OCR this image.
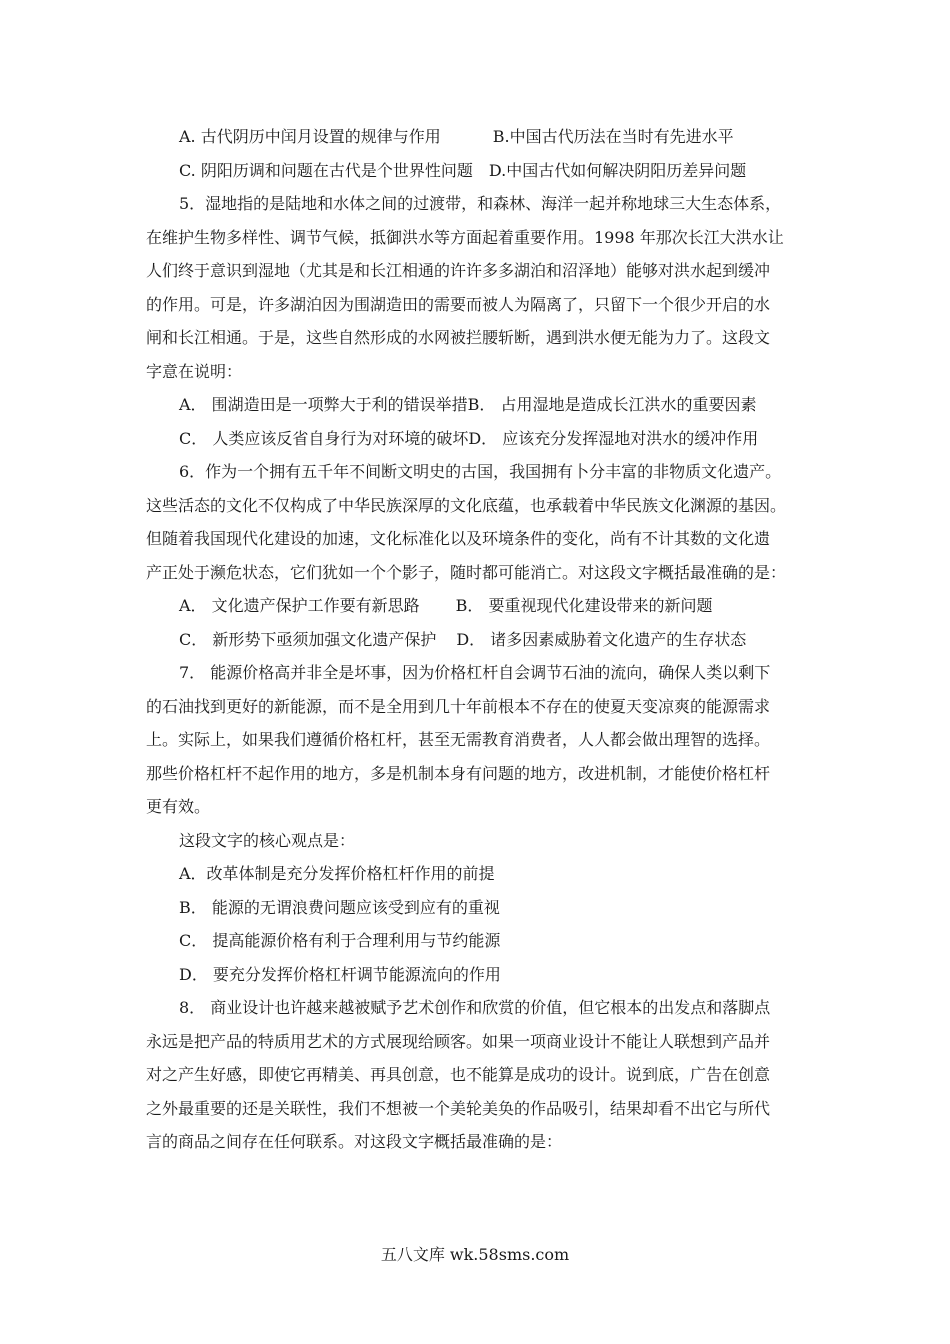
A. 古代阴历中闰月设置的规律与作用	B.中国古代历法在当时有先进水平
C. 阴阳历调和问题在古代是个世界性问题 D.中国古代如何解决阴阳历差异问题
5．湿地指的是陆地和水体之间的过渡带，和森林、海洋一起并称地球三大生态体系，
在维护生物多样性、调节气候，抵御洪水等方面起着重要作用。1998 年那次长江大洪水让
人们终于意识到湿地（尤其是和长江相通的许许多多湖泊和沼泽地）能够对洪水起到缓冲
的作用。可是，许多湖泊因为围湖造田的需要而被人为隔离了，只留下一个很少开启的水
闸和长江相通。于是，这些自然形成的水网被拦腰斩断，遇到洪水便无能为力了。这段文
字意在说明：
A． 围湖造田是一项弊大于利的错误举措B． 占用湿地是造成长江洪水的重要因素
C． 人类应该反省自身行为对环境的破坏D． 应该充分发挥湿地对洪水的缓冲作用
6．作为一个拥有五千年不间断文明史的古国，我国拥有卜分丰富的非物质文化遗产。
这些活态的文化不仅构成了中华民族深厚的文化底蕴，也承载着中华民族文化渊源的基因。
但随着我国现代化建设的加速，文化标准化以及环境条件的变化，尚有不计其数的文化遗
产正处于濒危状态，它们犹如一个个影子，随时都可能消亡。对这段文字概括最准确的是：
A． 文化遗产保护工作要有新思路 B． 要重视现代化建设带来的新问题
C． 新形势下亟须加强文化遗产保护 D． 诸多因素威胁着文化遗产的生存状态
7． 能源价格高并非全是坏事，因为价格杠杆自会调节石油的流向，确保人类以剩下
的石油找到更好的新能源，而不是全用到几十年前根本不存在的使夏天变凉爽的能源需求
上。实际上，如果我们遵循价格杠杆，甚至无需教育消费者，人人都会做出理智的选择。
那些价格杠杆不起作用的地方，多是机制本身有问题的地方，改进机制，才能使价格杠杆
更有效。
这段文字的核心观点是：
A．改革体制是充分发挥价格杠杆作用的前提
B． 能源的无谓浪费问题应该受到应有的重视
C． 提高能源价格有利于合理利用与节约能源
D． 要充分发挥价格杠杆调节能源流向的作用
8． 商业设计也许越来越被赋予艺术创作和欣赏的价值，但它根本的出发点和落脚点
永远是把产品的特质用艺术的方式展现给顾客。如果一项商业设计不能让人联想到产品并
对之产生好感，即使它再精美、再具创意，也不能算是成功的设计。说到底，广告在创意
之外最重要的还是关联性，我们不想被一个美轮美奂的作品吸引，结果却看不出它与所代
言的商品之间存在任何联系。对这段文字概括最准确的是：
五八文库 wk.58sms.com
